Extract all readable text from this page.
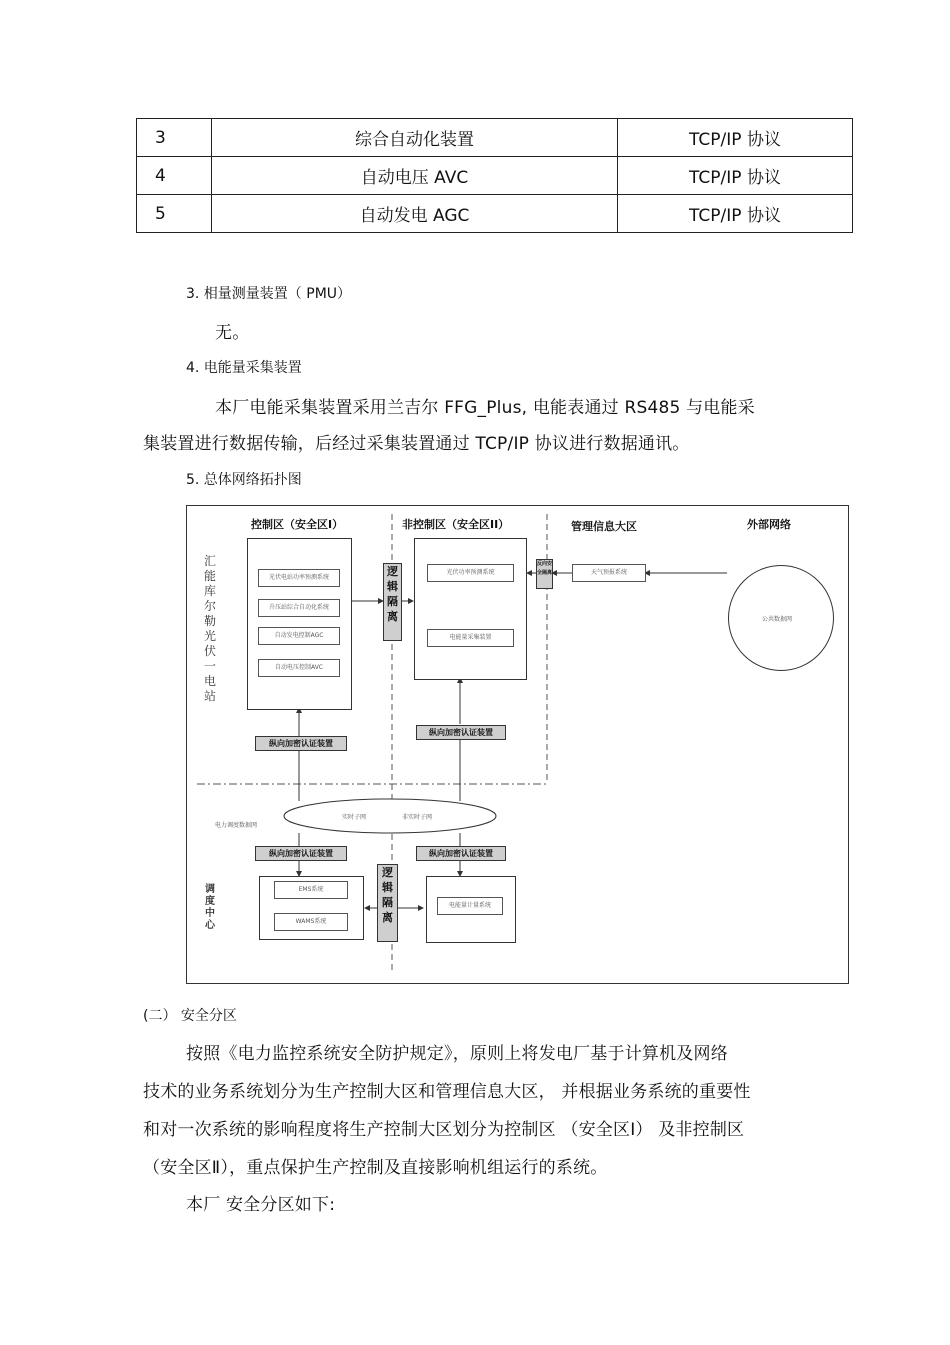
3	综合自动化装置	TCP/IP 协议
4	自动电压 AVC	TCP/IP 协议
5	自动发电 AGC	TCP/IP 协议
3. 相量测量装置（ PMU）
无。
4. 电能量采集装置
本厂电能采集装置采用兰吉尔 FFG_Plus, 电能表通过 RS485 与电能采
集装置进行数据传输，后经过采集装置通过 TCP/IP 协议进行数据通讯。
5. 总体网络拓扑图
控制区（安全区I）	非控制区（安全区II）	管理信息大区	外部网络
汇能库尔勒光伏一电站
光伏电站功率预测系统
升压站综合自动化系统
自动发电控制AGC
自动电压控制AVC
逻辑隔离
光伏功率预测系统
电能量采集装置
反向安全隔离	天气预报系统
公共数据网
纵向加密认证装置
纵向加密认证装置
电力调度数据网
实时子网	非实时子网
纵向加密认证装置	纵向加密认证装置
调度中心
EMS系统
WAMS系统
逻辑隔离
电能量计量系统
(二） 安全分区
按照《电力监控系统安全防护规定》，原则上将发电厂基于计算机及网络
技术的业务系统划分为生产控制大区和管理信息大区， 并根据业务系统的重要性
和对一次系统的影响程度将生产控制大区划分为控制区 （安全区Ⅰ） 及非控制区
（安全区Ⅱ），重点保护生产控制及直接影响机组运行的系统。
本厂 安全分区如下:
